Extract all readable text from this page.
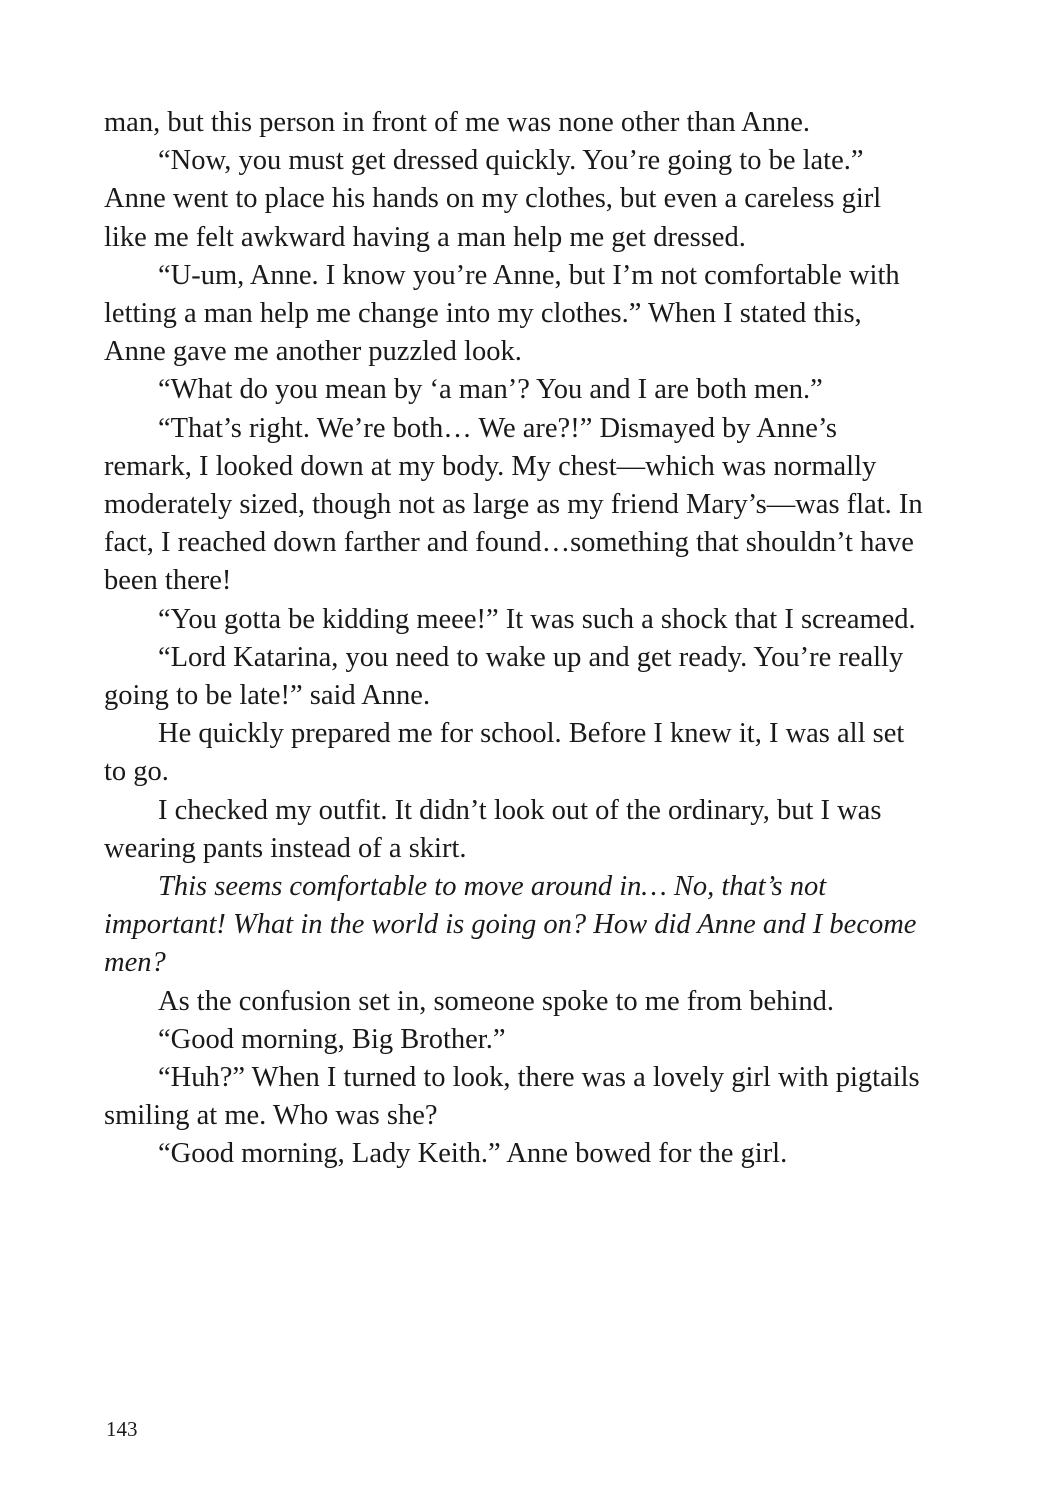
man, but this person in front of me was none other than Anne.

“Now, you must get dressed quickly. You’re going to be late.” Anne went to place his hands on my clothes, but even a careless girl like me felt awkward having a man help me get dressed.

“U-um, Anne. I know you’re Anne, but I’m not comfortable with letting a man help me change into my clothes.” When I stated this, Anne gave me another puzzled look.

“What do you mean by ‘a man’? You and I are both men.”

“That’s right. We’re both… We are?!” Dismayed by Anne’s remark, I looked down at my body. My chest—which was normally moderately sized, though not as large as my friend Mary’s—was flat. In fact, I reached down farther and found…something that shouldn’t have been there!

“You gotta be kidding meee!” It was such a shock that I screamed.

“Lord Katarina, you need to wake up and get ready. You’re really going to be late!” said Anne.

He quickly prepared me for school. Before I knew it, I was all set to go.

I checked my outfit. It didn’t look out of the ordinary, but I was wearing pants instead of a skirt.

This seems comfortable to move around in… No, that’s not important! What in the world is going on? How did Anne and I become men?

As the confusion set in, someone spoke to me from behind.

“Good morning, Big Brother.”

“Huh?” When I turned to look, there was a lovely girl with pigtails smiling at me. Who was she?

“Good morning, Lady Keith.” Anne bowed for the girl.

143
